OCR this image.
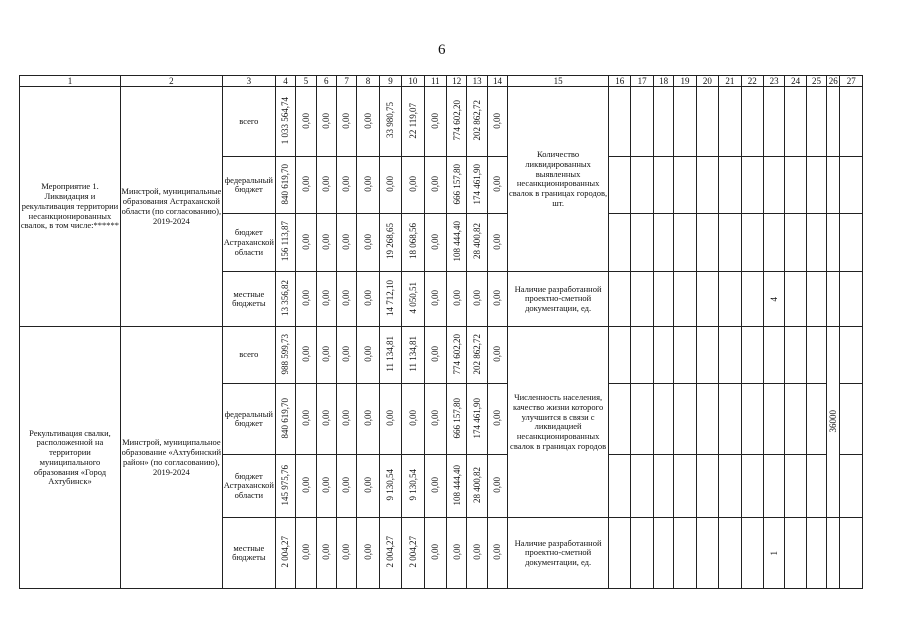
6
1	2	3	4	5	6	7	8	9	10	11	12	13	14	15	16	17	18	19	20	21	22	23	24	25	26	27
Мероприятие 1. Ликвидация и рекультивация территории несанкционированных свалок, в том числе:******	Минстрой, муниципальные образования Астраханской области (по согласованию), 2019-2024	всего	1 033 564,74	0,00	0,00	0,00	0,00	33 980,75	22 119,07	0,00	774 602,20	202 862,72	0,00	Количество ликвидированных выявленных несанкционированных свалок в границах городов, шт.												
		федеральный бюджет	840 619,70	0,00	0,00	0,00	0,00	0,00	0,00	0,00	666 157,80	174 461,90	0,00													
		бюджет Астраханской области	156 113,87	0,00	0,00	0,00	0,00	19 268,65	18 068,56	0,00	108 444,40	28 400,82	0,00													
		местные бюджеты	13 356,82	0,00	0,00	0,00	0,00	14 712,10	4 050,51	0,00	0,00	0,00	0,00	Наличие разработанной проектно-сметной документации, ед.								4				
Рекультивация свалки, расположенной на территории муниципального образования «Город Ахтубинск»	Минстрой, муниципальное образование «Ахтубинский район» (по согласованию), 2019-2024	всего	988 599,73	0,00	0,00	0,00	0,00	11 134,81	11 134,81	0,00	774 602,20	202 862,72	0,00	Численность населения, качество жизни которого улучшится в связи с ликвидацией несанкционированных свалок в границах городов											36000	
		федеральный бюджет	840 619,70	0,00	0,00	0,00	0,00	0,00	0,00	0,00	666 157,80	174 461,90	0,00													
		бюджет Астраханской области	145 975,76	0,00	0,00	0,00	0,00	9 130,54	9 130,54	0,00	108 444,40	28 400,82	0,00													
		местные бюджеты	2 004,27	0,00	0,00	0,00	0,00	2 004,27	2 004,27	0,00	0,00	0,00	0,00	Наличие разработанной проектно-сметной документации, ед.								1				
